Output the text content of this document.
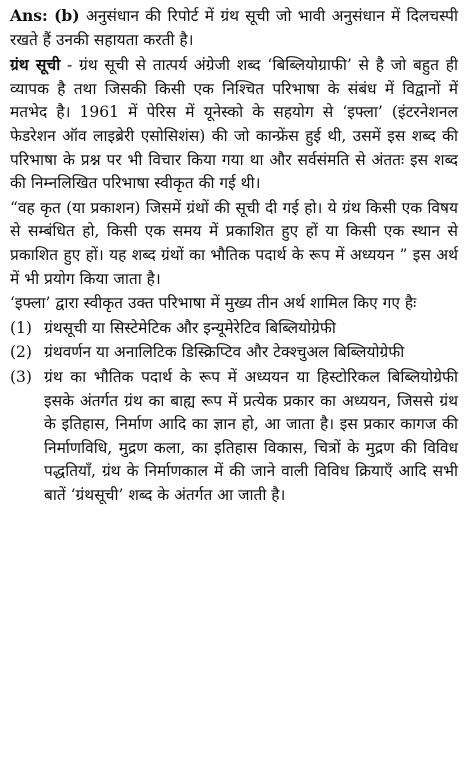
Ans: (b) अनुसंधान की रिपोर्ट में ग्रंथ सूची जो भावी अनुसंधान में दिलचस्पी रखते हैं उनकी सहायता करती है।

ग्रंथ सूची - ग्रंथ सूची से तात्पर्य अंग्रेजी शब्द ‘बिब्लियोग्राफी’ से है जो बहुत ही व्यापक है तथा जिसकी किसी एक निश्चित परिभाषा के संबंध में विद्वानों में मतभेद है। 1961 में पेरिस में यूनेस्को के सहयोग से ‘इफ्ला’ (इंटरनेशनल फेडरेशन ऑव लाइब्रेरी एसोसिशंस) की जो कान्फ्रेंस हुई थी, उसमें इस शब्द की परिभाषा के प्रश्न पर भी विचार किया गया था और सर्वसंमति से अंततः इस शब्द की निम्नलिखित परिभाषा स्वीकृत की गई थी।

“वह कृत (या प्रकाशन) जिसमें ग्रंथों की सूची दी गई हो। ये ग्रंथ किसी एक विषय से सम्बंधित हो, किसी एक समय में प्रकाशित हुए हों या किसी एक स्थान से प्रकाशित हुए हों। यह शब्द ग्रंथों का भौतिक पदार्थ के रूप में अध्ययन ” इस अर्थ में भी प्रयोग किया जाता है।

‘इफ्ला’ द्वारा स्वीकृत उक्त परिभाषा में मुख्य तीन अर्थ शामिल किए गए हैः

(1) ग्रंथसूची या सिस्टेमेटिक और इन्यूमेरेटिव बिब्लियोग्रेफी
(2) ग्रंथवर्णन या अनालिटिक डिस्क्रिप्टिव और टेक्श्चुअल बिब्लियोग्रेफी
(3) ग्रंथ का भौतिक पदार्थ के रूप में अध्ययन या हिस्टोरिकल बिब्लियोग्रेफी इसके अंतर्गत ग्रंथ का बाह्य रूप में प्रत्येक प्रकार का अध्ययन, जिससे ग्रंथ के इतिहास, निर्माण आदि का ज्ञान हो, आ जाता है। इस प्रकार कागज की निर्माणविधि, मुद्रण कला, का इतिहास विकास, चित्रों के मुद्रण की विविध पद्धतियाँ, ग्रंथ के निर्माणकाल में की जाने वाली विविध क्रियाएँ आदि सभी बातें ‘ग्रंथसूची’ शब्द के अंतर्गत आ जाती है।
